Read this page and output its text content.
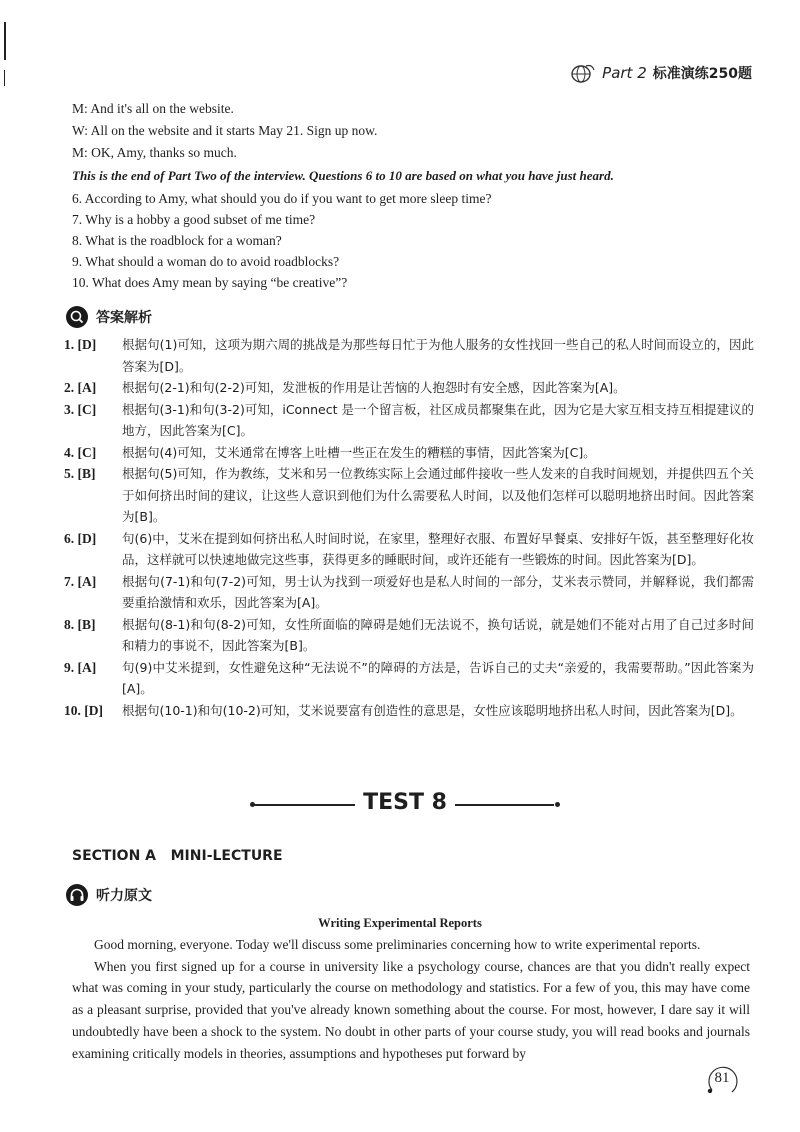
Part 2 标准演练250题

M: And it's all on the website.

W: All on the website and it starts May 21. Sign up now.

M: OK, Amy, thanks so much.

This is the end of Part Two of the interview. Questions 6 to 10 are based on what you have just heard.

6. According to Amy, what should you do if you want to get more sleep time?

7. Why is a hobby a good subset of me time?

8. What is the roadblock for a woman?

9. What should a woman do to avoid roadblocks?

10. What does Amy mean by saying “be creative”?

答案解析
1. [D]	根据句(1)可知，这项为期六周的挑战是为那些每日忙于为他人服务的女性找回一些自己的私人时间而设立的，因此答案为[D]。
2. [A]	根据句(2-1)和句(2-2)可知，发泄板的作用是让苦恼的人抱怨时有安全感，因此答案为[A]。
3. [C]	根据句(3-1)和句(3-2)可知，iConnect 是一个留言板，社区成员都聚集在此，因为它是大家互相支持互相提建议的地方，因此答案为[C]。
4. [C]	根据句(4)可知，艾米通常在博客上吐槽一些正在发生的糟糕的事情，因此答案为[C]。
5. [B]	根据句(5)可知，作为教练，艾米和另一位教练实际上会通过邮件接收一些人发来的自我时间规划，并提供四五个关于如何挤出时间的建议，让这些人意识到他们为什么需要私人时间，以及他们怎样可以聪明地挤出时间。因此答案为[B]。
6. [D]	句(6)中，艾米在提到如何挤出私人时间时说，在家里，整理好衣服、布置好早餐桌、安排好午饭，甚至整理好化妆品，这样就可以快速地做完这些事，获得更多的睡眠时间，或许还能有一些锻炼的时间。因此答案为[D]。
7. [A]	根据句(7-1)和句(7-2)可知，男士认为找到一项爱好也是私人时间的一部分，艾米表示赞同，并解释说，我们都需要重拾激情和欢乐，因此答案为[A]。
8. [B]	根据句(8-1)和句(8-2)可知，女性所面临的障碍是她们无法说不，换句话说，就是她们不能对占用了自己过多时间和精力的事说不，因此答案为[B]。
9. [A]	句(9)中艾米提到，女性避免这种“无法说不”的障碍的方法是，告诉自己的丈夫“亲爱的，我需要帮助。”因此答案为[A]。
10. [D]	根据句(10-1)和句(10-2)可知，艾米说要富有创造性的意思是，女性应该聪明地挤出私人时间，因此答案为[D]。
TEST 8
SECTION A   MINI-LECTURE
听力原文
Writing Experimental Reports

Good morning, everyone. Today we'll discuss some preliminaries concerning how to write experimental reports.

When you first signed up for a course in university like a psychology course, chances are that you didn't really expect what was coming in your study, particularly the course on methodology and statistics. For a few of you, this may have come as a pleasant surprise, provided that you've already known something about the course. For most, however, I dare say it will undoubtedly have been a shock to the system. No doubt in other parts of your course study, you will read books and journals examining critically models in theories, assumptions and hypotheses put forward by

81
